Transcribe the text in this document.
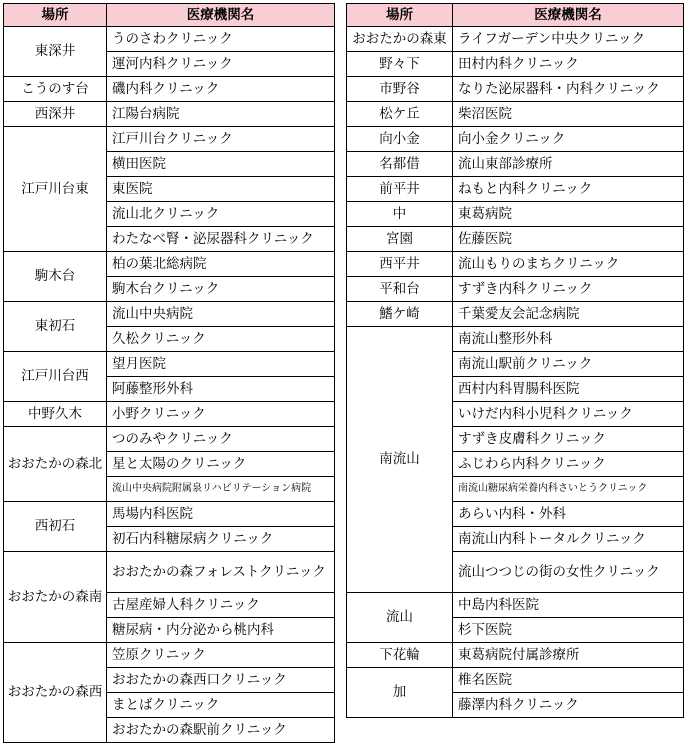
場所	医療機関名
東深井	うのさわクリニック
	運河内科クリニック
こうのす台	磯内科クリニック
西深井	江陽台病院
江戸川台東	江戸川台クリニック
	横田医院
	東医院
	流山北クリニック
	わたなべ腎・泌尿器科クリニック
駒木台	柏の葉北総病院
	駒木台クリニック
東初石	流山中央病院
	久松クリニック
江戸川台西	望月医院
	阿藤整形外科
中野久木	小野クリニック
おおたかの森北	つのみやクリニック
	星と太陽のクリニック
	流山中央病院附属泉リハビリテーション病院
西初石	馬場内科医院
	初石内科糖尿病クリニック
おおたかの森南	おおたかの森フォレストクリニック
	古屋産婦人科クリニック
	糖尿病・内分泌から桃内科
おおたかの森西	笠原クリニック
	おおたかの森西口クリニック
	まとばクリニック
	おおたかの森駅前クリニック
場所	医療機関名
おおたかの森東	ライフガーデン中央クリニック
野々下	田村内科クリニック
市野谷	なりた泌尿器科・内科クリニック
松ケ丘	柴沼医院
向小金	向小金クリニック
名都借	流山東部診療所
前平井	ねもと内科クリニック
中	東葛病院
宮園	佐藤医院
西平井	流山もりのまちクリニック
平和台	すずき内科クリニック
鰭ケ崎	千葉愛友会記念病院
南流山	南流山整形外科
	南流山駅前クリニック
	西村内科胃腸科医院
	いけだ内科小児科クリニック
	すずき皮膚科クリニック
	ふじわら内科クリニック
	南流山糖尿病栄養内科さいとうクリニック
	あらい内科・外科
	南流山内科トータルクリニック
	流山つつじの街の女性クリニック
流山	中島内科医院
	杉下医院
下花輪	東葛病院付属診療所
加	椎名医院
	藤澤内科クリニック
